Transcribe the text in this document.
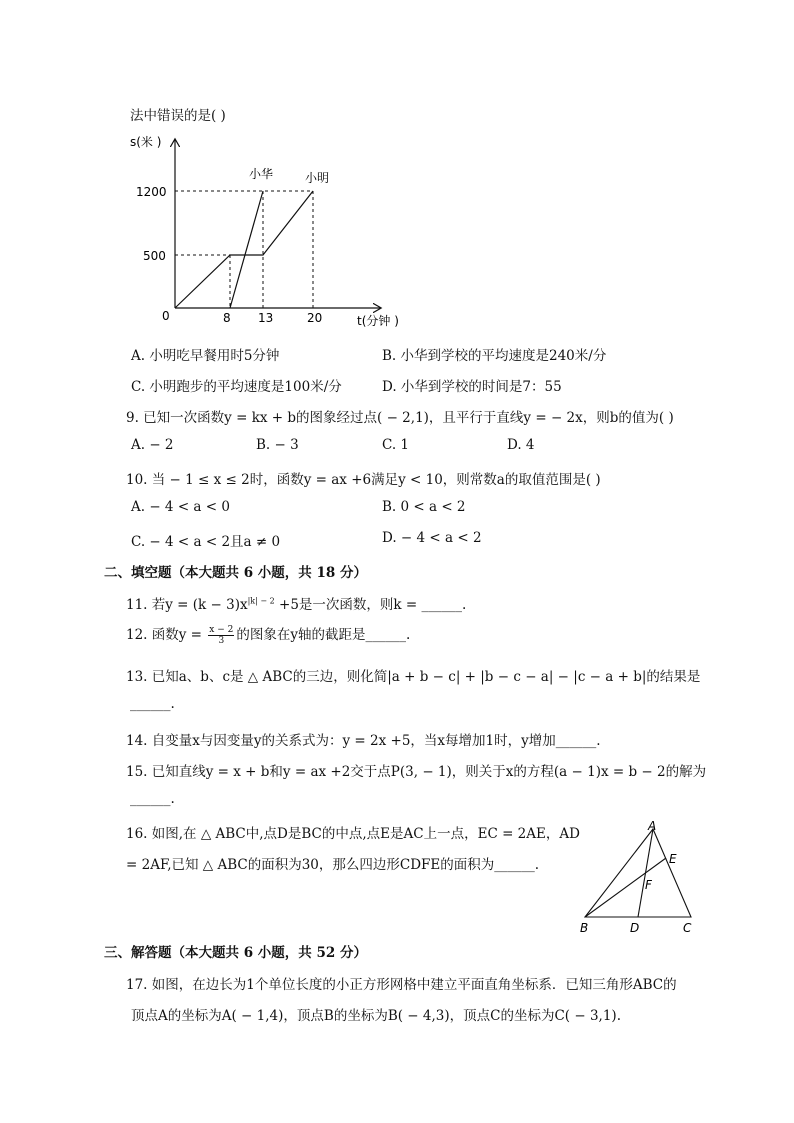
法中错误的是( )
s(米 )
1200
500
0	8 13	20	t(分钟 )
小华	小明
A. 小明吃早餐用时5分钟	B. 小华到学校的平均速度是240米/分
C. 小明跑步的平均速度是100米/分	D. 小华到学校的时间是7：55
9. 已知一次函数y = kx + b的图象经过点( − 2,1)，且平行于直线y = − 2x，则b的值为( )
A. − 2	B. − 3	C. 1	D. 4
10. 当 − 1 ≤ x ≤ 2时，函数y = ax +6满足y < 10，则常数a的取值范围是( )
A. − 4 < a < 0	B. 0 < a < 2
C. − 4 < a < 2且a ≠ 0	D. − 4 < a < 2
二、填空题（本大题共 6 小题，共 18 分）
11. 若$y = (k - 3)x^{|k| - 2} +5$是一次函数，则k = ______.
12. 函数$y = \frac{x - 2}{3}$ 的图象在y轴的截距是______.
13. 已知a、b、c是 △ ABC的三边，则化简|a + b − c| + |b − c − a| − |c − a + b|的结果是
______.
14. 自变量x与因变量y的关系式为：y = 2x +5，当x每增加1时，y增加______.
15. 已知直线y = x + b和y = ax +2交于点P(3, − 1)，则关于x的方程(a − 1)x = b − 2的解为
______.
16. 如图,在 △ ABC中,点D是BC的中点,点E是AC上一点，EC = 2AE，AD
= 2AF,已知 △ ABC的面积为30，那么四边形CDFE的面积为______.
A
B	C
D
E
F
三、解答题（本大题共 6 小题，共 52 分）
17. 如图，在边长为1个单位长度的小正方形网格中建立平面直角坐标系．已知三角形ABC的
顶点A的坐标为A( − 1,4)，顶点B的坐标为B( − 4,3)，顶点C的坐标为C( − 3,1).
